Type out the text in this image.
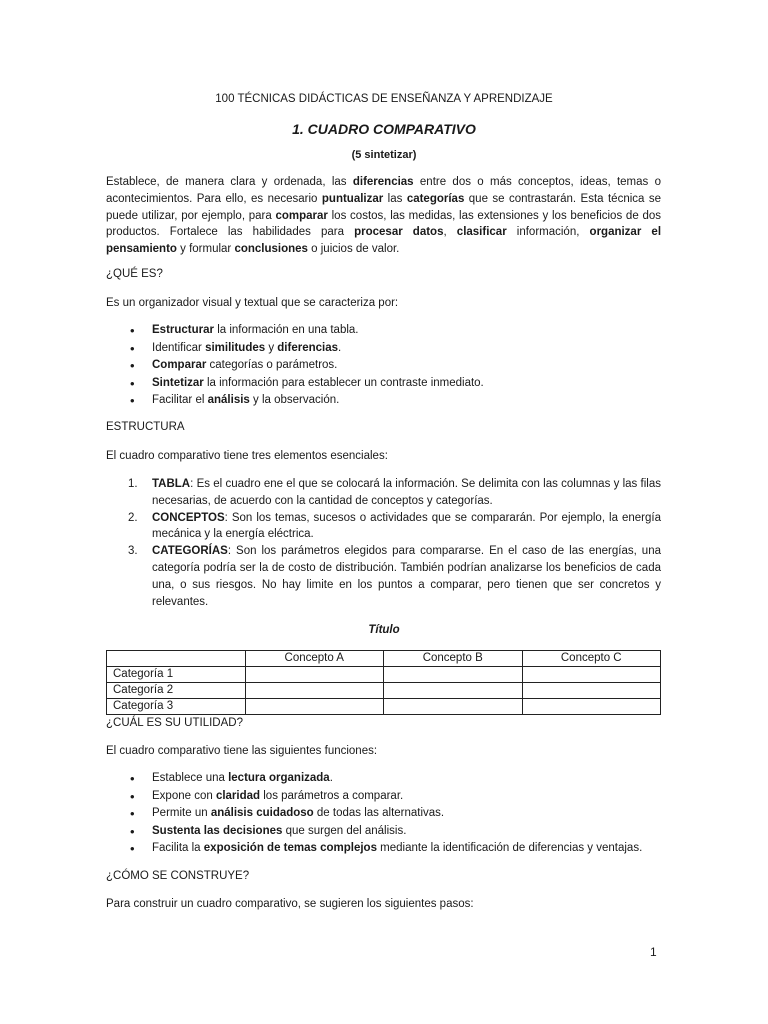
100 TÉCNICAS DIDÁCTICAS DE ENSEÑANZA Y APRENDIZAJE
1. CUADRO COMPARATIVO
(5 sintetizar)
Establece, de manera clara y ordenada, las diferencias entre dos o más conceptos, ideas, temas o acontecimientos. Para ello, es necesario puntualizar las categorías que se contrastarán. Esta técnica se puede utilizar, por ejemplo, para comparar los costos, las medidas, las extensiones y los beneficios de dos productos. Fortalece las habilidades para procesar datos, clasificar información, organizar el pensamiento y formular conclusiones o juicios de valor.
¿QUÉ ES?
Es un organizador visual y textual que se caracteriza por:
• Estructurar la información en una tabla.
• Identificar similitudes y diferencias.
• Comparar categorías o parámetros.
• Sintetizar la información para establecer un contraste inmediato.
• Facilitar el análisis y la observación.
ESTRUCTURA
El cuadro comparativo tiene tres elementos esenciales:
1. TABLA: Es el cuadro ene el que se colocará la información. Se delimita con las columnas y las filas necesarias, de acuerdo con la cantidad de conceptos y categorías.
2. CONCEPTOS: Son los temas, sucesos o actividades que se compararán. Por ejemplo, la energía mecánica y la energía eléctrica.
3. CATEGORÍAS: Son los parámetros elegidos para compararse. En el caso de las energías, una categoría podría ser la de costo de distribución. También podrían analizarse los beneficios de cada una, o sus riesgos. No hay limite en los puntos a comparar, pero tienen que ser concretos y relevantes.
Título
	Concepto A	Concepto B	Concepto C
Categoría 1			
Categoría 2			
Categoría 3			
¿CUÁL ES SU UTILIDAD?
El cuadro comparativo tiene las siguientes funciones:
• Establece una lectura organizada.
• Expone con claridad los parámetros a comparar.
• Permite un análisis cuidadoso de todas las alternativas.
• Sustenta las decisiones que surgen del análisis.
• Facilita la exposición de temas complejos mediante la identificación de diferencias y ventajas.
¿CÓMO SE CONSTRUYE?
Para construir un cuadro comparativo, se sugieren los siguientes pasos:
1
